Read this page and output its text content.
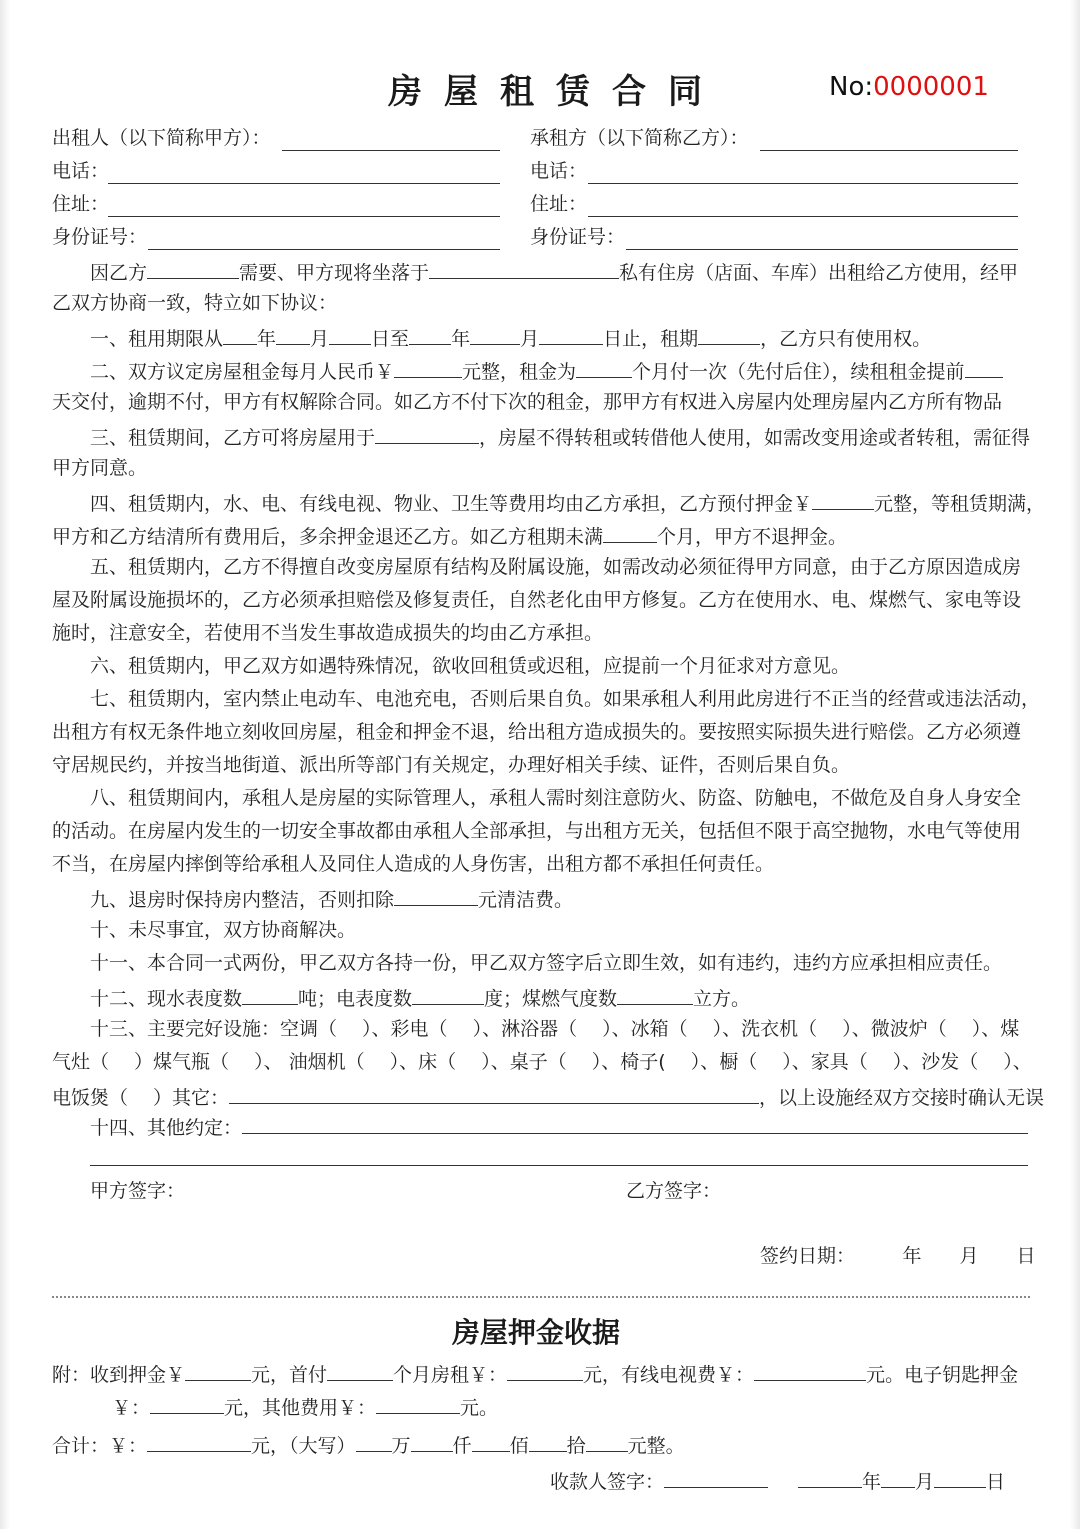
房屋租赁合同	No:0000001
出租人（以下简称甲方）：	承租方（以下简称乙方）：
电话：	电话：
住址：	住址：
身份证号：	身份证号：
因乙方	需要、甲方现将坐落于	私有住房（店面、车库）出租给乙方使用，经甲
乙双方协商一致，特立如下协议：
一、租用期限从 年 月 日至 年	月	日止，租期	，乙方只有使用权。
二、双方议定房屋租金每月人民币￥	元整，租金为	个月付一次（先付后住），续租租金提前
天交付，逾期不付，甲方有权解除合同。如乙方不付下次的租金，那甲方有权进入房屋内处理房屋内乙方所有物品
三、租赁期间，乙方可将房屋用于	，房屋不得转租或转借他人使用，如需改变用途或者转租，需征得
甲方同意。
四、租赁期内，水、电、有线电视、物业、卫生等费用均由乙方承担，乙方预付押金￥	元整，等租赁期满，
甲方和乙方结清所有费用后，多余押金退还乙方。如乙方租期未满	个月，甲方不退押金。
五、租赁期内，乙方不得擅自改变房屋原有结构及附属设施，如需改动必须征得甲方同意，由于乙方原因造成房
屋及附属设施损坏的，乙方必须承担赔偿及修复责任，自然老化由甲方修复。乙方在使用水、电、煤燃气、家电等设
施时，注意安全，若使用不当发生事故造成损失的均由乙方承担。
六、租赁期内，甲乙双方如遇特殊情况，欲收回租赁或迟租，应提前一个月征求对方意见。
七、租赁期内，室内禁止电动车、电池充电，否则后果自负。如果承租人利用此房进行不正当的经营或违法活动，
出租方有权无条件地立刻收回房屋，租金和押金不退，给出租方造成损失的。要按照实际损失进行赔偿。乙方必须遵
守居规民约，并按当地街道、派出所等部门有关规定，办理好相关手续、证件，否则后果自负。
八、租赁期间内，承租人是房屋的实际管理人，承租人需时刻注意防火、防盗、防触电，不做危及自身人身安全
的活动。在房屋内发生的一切安全事故都由承租人全部承担，与出租方无关，包括但不限于高空抛物，水电气等使用
不当，在房屋内摔倒等给承租人及同住人造成的人身伤害，出租方都不承担任何责任。
九、退房时保持房内整洁，否则扣除	元清洁费。
十、未尽事宜，双方协商解决。
十一、本合同一式两份，甲乙双方各持一份，甲乙双方签字后立即生效，如有违约，违约方应承担相应责任。
十二、现水表度数	吨；电表度数	度；煤燃气度数	立方。
十三、主要完好设施：空调（　 ）、彩电（　 ）、淋浴器（　 ）、冰箱（　 ）、洗衣机（　 ）、微波炉（　 ）、煤
气灶（　 ）煤气瓶（　 ）、 油烟机（　 ）、床（　 ）、桌子（　 ）、椅子(　 ）、橱（　 ）、家具（　 ）、沙发（　 ）、
电饭煲（　 ）其它：	，以上设施经双方交接时确认无误
十四、其他约定：
甲方签字：	乙方签字：
签约日期：　　　年　　月　　日
房屋押金收据
附：收到押金￥	元，首付	个月房租￥：	元，有线电视费￥：	元。电子钥匙押金
￥：	元，其他费用￥：	元。
合计：￥：	元，（大写） 万 仟 佰 拾 元整。
收款人签字：	年 月	日
